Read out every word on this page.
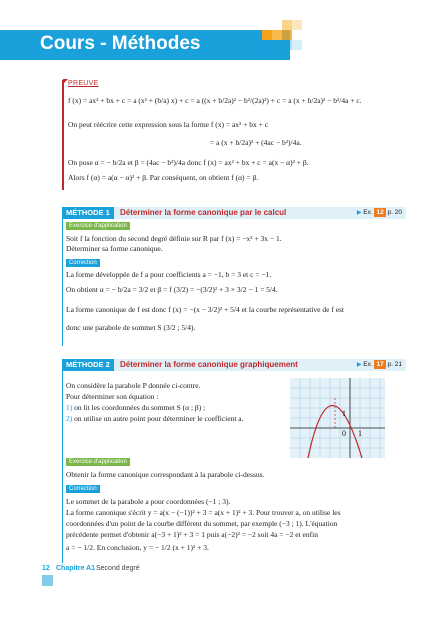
Cours - Méthodes
PREUVE
f (x) = ax² + bx + c = a (x² + (b/a) x) + c = a ((x + b/2a)² − b²/(2a)²) + c = a (x + b/2a)² − b²/4a + c.
On peut réécrire cette expression sous la forme f (x) = ax² + bx + c
= a (x + b/2a)² + (4ac − b²)/4a.
On pose α = − b/2a et β = (4ac − b²)/4a donc f (x) = ax² + bx + c = a(x − α)² + β.
Alors f (α) = a(α − α)² + β. Par conséquent, on obtient f (α) = β.
MÉTHODE 1	Déterminer la forme canonique par le calcul	▶ Ex. 12 p. 20
Exercice d'application
Soit f la fonction du second degré définie sur R par f (x) = −x² + 3x − 1.
Déterminer sa forme canonique.
Correction
La forme développée de f a pour coefficients a = −1, b = 3 et c = −1.
On obtient α = − b/2a = 3/2 et β = f (3/2) = −(3/2)² + 3 × 3/2 − 1 = 5/4.
La forme canonique de f est donc f (x) = −(x − 3/2)² + 5/4 et la courbe représentative de f est
donc une parabole de sommet S (3/2 ; 5/4).
MÉTHODE 2	Déterminer la forme canonique graphiquement	▶ Ex. 17 p. 21
On considère la parabole P donnée ci-contre.
Pour déterminer son équation :
1) on lit les coordonnées du sommet S (α ; β) ;
2) on utilise un autre point pour déterminer le coefficient a.
1
0 1
Exercice d'application
Obtenir la forme canonique correspondant à la parabole ci-dessus.
Correction
Le sommet de la parabole a pour coordonnées (−1 ; 3).
La forme canonique s'écrit y = a(x − (−1))² + 3 = a(x + 1)² + 3. Pour trouver a, on utilise les
coordonnées d'un point de la courbe différent du sommet, par exemple (−3 ; 1). L'équation
précédente permet d'obtenir a(−3 + 1)² + 3 = 1 puis a(−2)² = −2 soit 4a = −2 et enfin
a = − 1/2. En conclusion, y = − 1/2 (x + 1)² + 3.
12 Chapitre A1 Second degré
